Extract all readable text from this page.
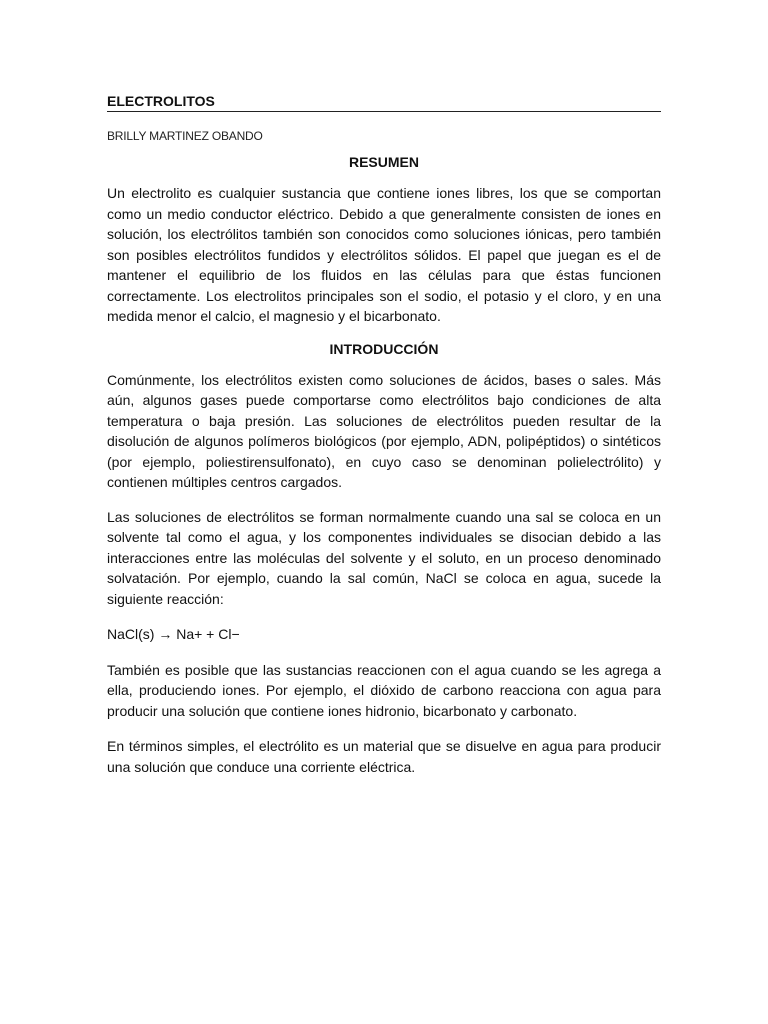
ELECTROLITOS
BRILLY MARTINEZ OBANDO
RESUMEN

Un electrolito es cualquier sustancia que contiene iones libres, los que se comportan como un medio conductor eléctrico. Debido a que generalmente consisten de iones en solución, los electrólitos también son conocidos como soluciones iónicas, pero también son posibles electrólitos fundidos y electrólitos sólidos. El papel que juegan es el de mantener el equilibrio de los fluidos en las células para que éstas funcionen correctamente. Los electrolitos principales son el sodio, el potasio y el cloro, y en una medida menor el calcio, el magnesio y el bicarbonato.

INTRODUCCIÓN

Comúnmente, los electrólitos existen como soluciones de ácidos, bases o sales. Más aún, algunos gases puede comportarse como electrólitos bajo condiciones de alta temperatura o baja presión. Las soluciones de electrólitos pueden resultar de la disolución de algunos polímeros biológicos (por ejemplo, ADN, polipéptidos) o sintéticos (por ejemplo, poliestirensulfonato), en cuyo caso se denominan polielectrólito) y contienen múltiples centros cargados.

Las soluciones de electrólitos se forman normalmente cuando una sal se coloca en un solvente tal como el agua, y los componentes individuales se disocian debido a las interacciones entre las moléculas del solvente y el soluto, en un proceso denominado solvatación. Por ejemplo, cuando la sal común, NaCl se coloca en agua, sucede la siguiente reacción:

NaCl(s) → Na+ + Cl−

También es posible que las sustancias reaccionen con el agua cuando se les agrega a ella, produciendo iones. Por ejemplo, el dióxido de carbono reacciona con agua para producir una solución que contiene iones hidronio, bicarbonato y carbonato.

En términos simples, el electrólito es un material que se disuelve en agua para producir una solución que conduce una corriente eléctrica.
